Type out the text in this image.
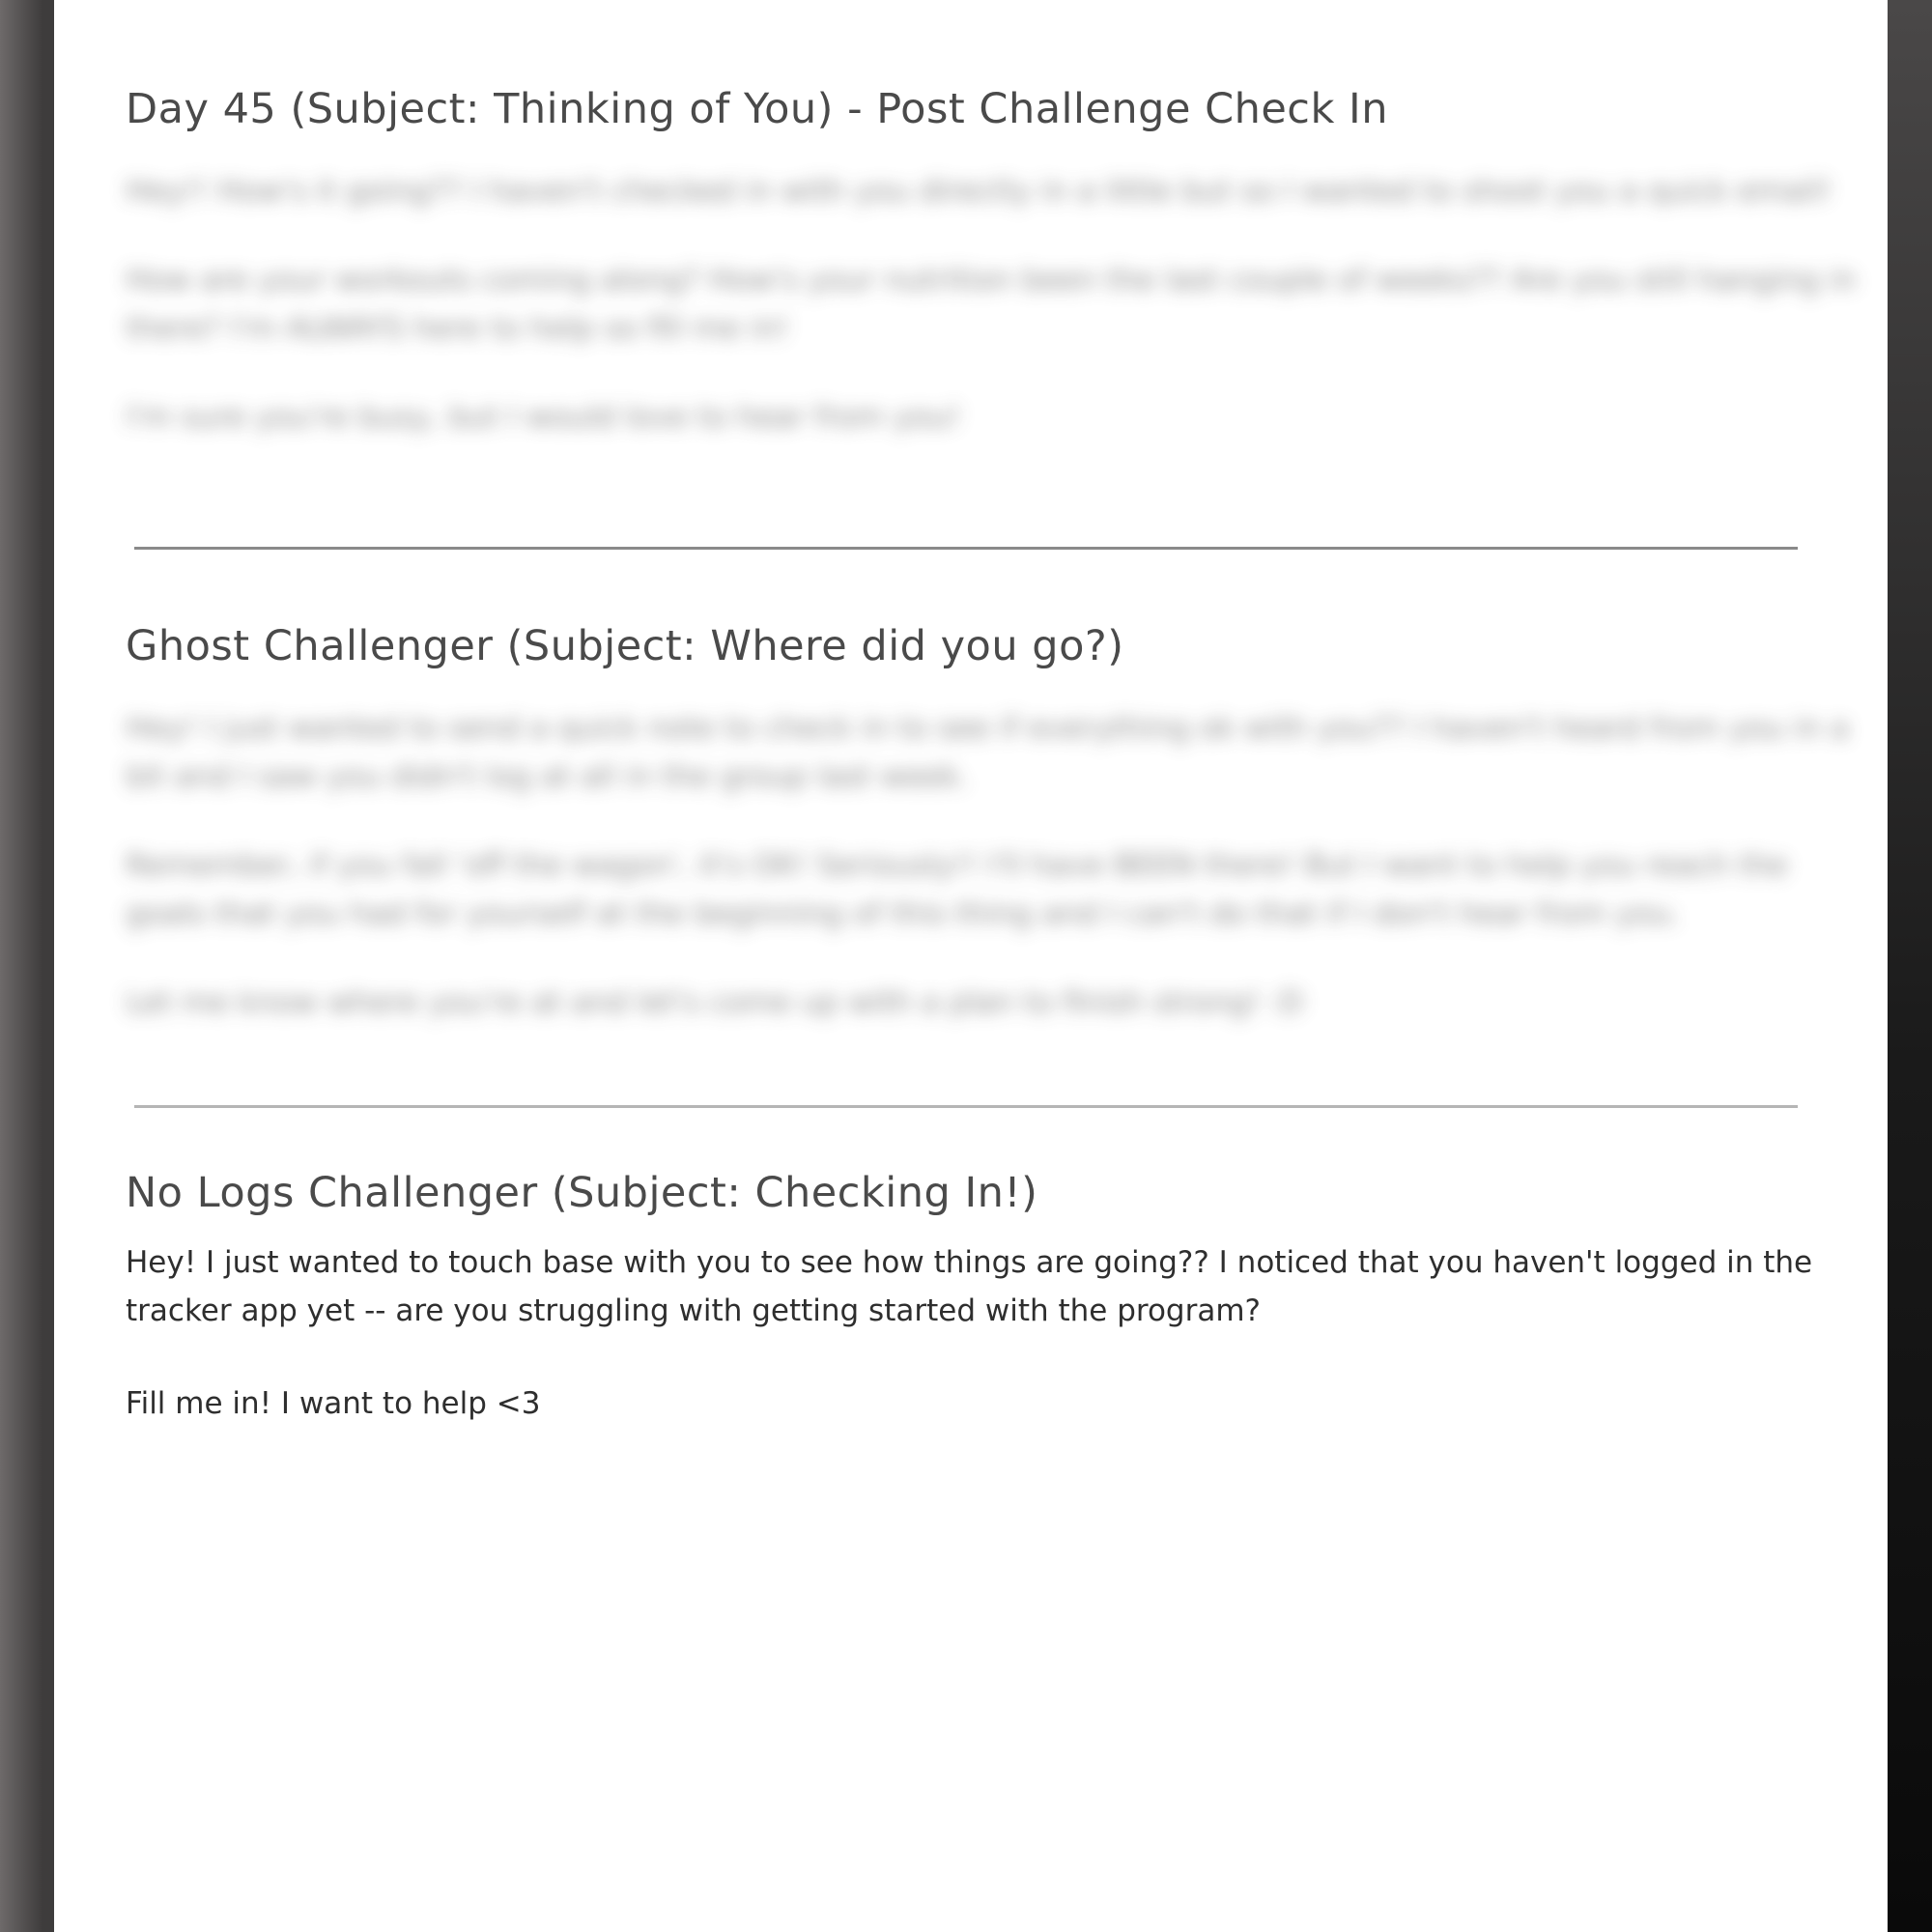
Day 45 (Subject: Thinking of You) - Post Challenge Check In

Hey!! How's it going?? I haven't checked in with you directly in a little but so I wanted to shoot you a quick email!

How are your workouts coming along? How's your nutrition been the last couple of weeks?? Are you still hanging in there? I'm ALWAYS here to help so fill me in!

I'm sure you're busy, but I would love to hear from you!

Ghost Challenger (Subject: Where did you go?)

Hey! I just wanted to send a quick note to check in to see if everything ok with you?? I haven't heard from you in a bit and I saw you didn't log at all in the group last week.

Remember, if you fall 'off the wagon', it's OK! Seriously!! I'll have BEEN there! But I want to help you reach the goals that you had for yourself at the beginning of this thing and I can't do that if I don't hear from you.

Let me know where you're at and let's come up with a plan to finish strong! :D

No Logs Challenger (Subject: Checking In!)

Hey! I just wanted to touch base with you to see how things are going?? I noticed that you haven't logged in the tracker app yet -- are you struggling with getting started with the program?

Fill me in! I want to help <3
